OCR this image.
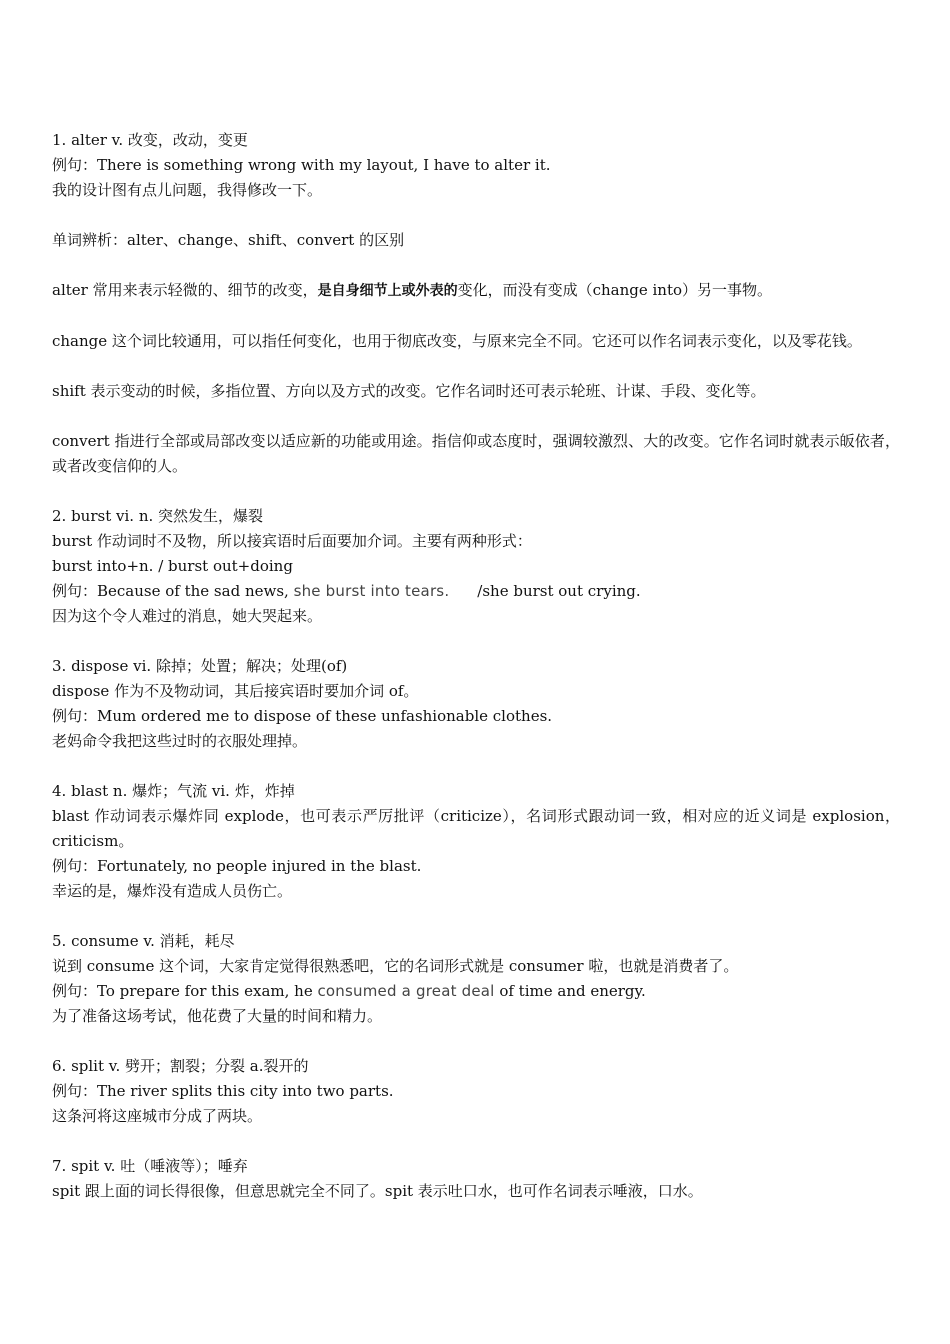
1. alter v. 改变，改动，变更
例句：There is something wrong with my layout, I have to alter it.
我的设计图有点儿问题，我得修改一下。
单词辨析：alter、change、shift、convert 的区别
alter 常用来表示轻微的、细节的改变，是自身细节上或外表的变化，而没有变成（change into）另一事物。
change 这个词比较通用，可以指任何变化，也用于彻底改变，与原来完全不同。它还可以作名词表示变化，以及零花钱。
shift 表示变动的时候，多指位置、方向以及方式的改变。它作名词时还可表示轮班、计谋、手段、变化等。
convert 指进行全部或局部改变以适应新的功能或用途。指信仰或态度时，强调较激烈、大的改变。它作名词时就表示皈依者，或者改变信仰的人。
2. burst vi. n. 突然发生，爆裂
burst 作动词时不及物，所以接宾语时后面要加介词。主要有两种形式：
burst into+n. / burst out+doing
例句：Because of the sad news, she burst into tears. /she burst out crying.
因为这个令人难过的消息，她大哭起来。
3. dispose vi. 除掉；处置；解决；处理(of)
dispose 作为不及物动词，其后接宾语时要加介词 of。
例句：Mum ordered me to dispose of these unfashionable clothes.
老妈命令我把这些过时的衣服处理掉。
4. blast n. 爆炸；气流 vi. 炸，炸掉
blast 作动词表示爆炸同 explode，也可表示严厉批评（criticize），名词形式跟动词一致，相对应的近义词是 explosion，criticism。
例句：Fortunately, no people injured in the blast.
幸运的是，爆炸没有造成人员伤亡。
5. consume v. 消耗，耗尽
说到 consume 这个词，大家肯定觉得很熟悉吧，它的名词形式就是 consumer 啦，也就是消费者了。
例句：To prepare for this exam, he consumed a great deal of time and energy.
为了准备这场考试，他花费了大量的时间和精力。
6. split v. 劈开；割裂；分裂 a.裂开的
例句：The river splits this city into two parts.
这条河将这座城市分成了两块。
7. spit v. 吐（唾液等）；唾弃
spit 跟上面的词长得很像，但意思就完全不同了。spit 表示吐口水，也可作名词表示唾液，口水。
